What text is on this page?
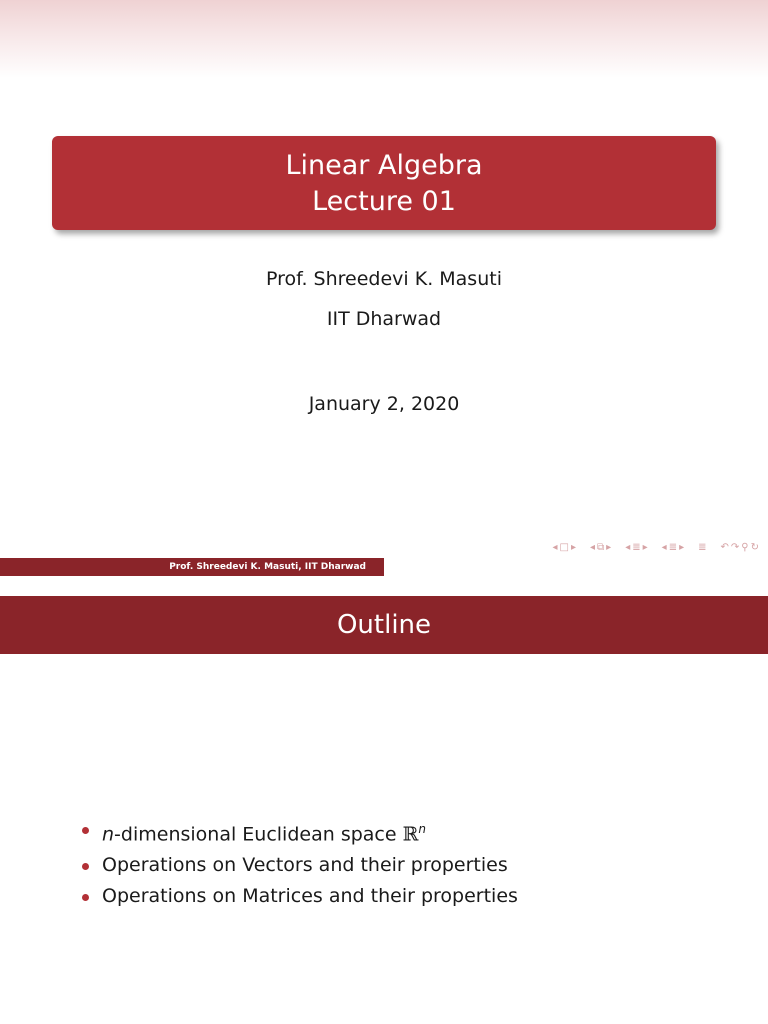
Linear Algebra
Lecture 01
Prof. Shreedevi K. Masuti
IIT Dharwad
January 2, 2020
◂ □ ▸ ◂ ⧉ ▸ ◂ ≣ ▸ ◂ ≣ ▸ ≣ ↶ ↷ ⚲ ↻
Prof. Shreedevi K. Masuti, IIT Dharwad
Outline
n-dimensional Euclidean space ℝ$^n$
Operations on Vectors and their properties
Operations on Matrices and their properties
